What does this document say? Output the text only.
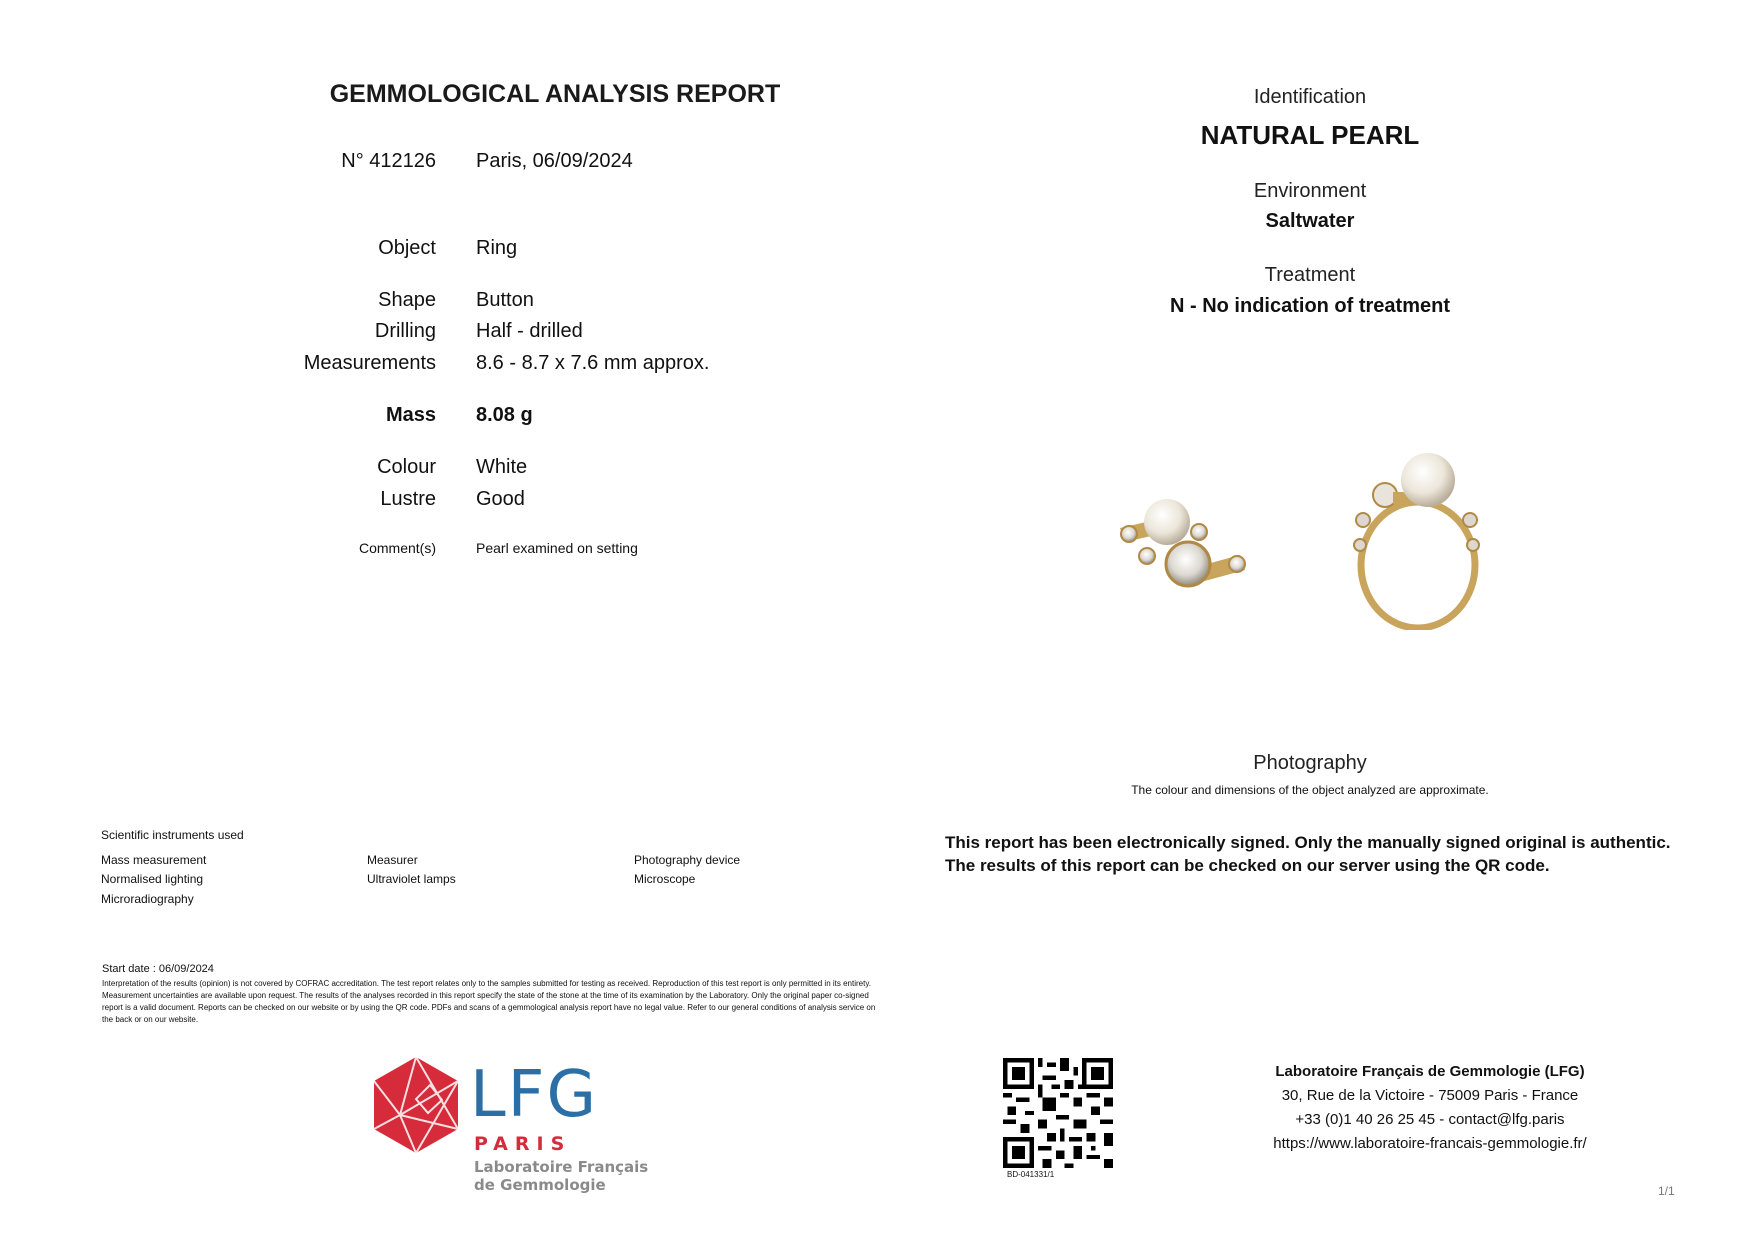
GEMMOLOGICAL ANALYSIS REPORT
N° 412126 Paris, 06/09/2024
Object Ring
Shape Button
Drilling Half - drilled
Measurements 8.6 - 8.7 x 7.6 mm approx.
Mass 8.08 g
Colour White
Lustre Good
Comment(s)	Pearl examined on setting
Identification
NATURAL PEARL
Environment
Saltwater
Treatment
N - No indication of treatment
Photography
The colour and dimensions of the object analyzed are approximate.
Scientific instruments used
Mass measurement	Measurer	Photography device
Normalised lighting	Ultraviolet lamps	Microscope
Microradiography
This report has been electronically signed. Only the manually signed original is authentic.
The results of this report can be checked on our server using the QR code.
Start date : 06/09/2024
Interpretation of the results (opinion) is not covered by COFRAC accreditation. The test report relates only to the samples submitted for testing as received. Reproduction of this test report is only permitted in its entirety. Measurement uncertainties are available upon request. The results of the analyses recorded in this report specify the state of the stone at the time of its examination by the Laboratory. Only the original paper co-signed report is a valid document. Reports can be checked on our website or by using the QR code. PDFs and scans of a gemmological analysis report have no legal value. Refer to our general conditions of analysis service on the back or on our website.
LFG
PARIS
Laboratoire Français
de Gemmologie
BD-041331/1
Laboratoire Français de Gemmologie (LFG)
30, Rue de la Victoire - 75009 Paris - France
+33 (0)1 40 26 25 45 - contact@lfg.paris
https://www.laboratoire-francais-gemmologie.fr/
1/1
